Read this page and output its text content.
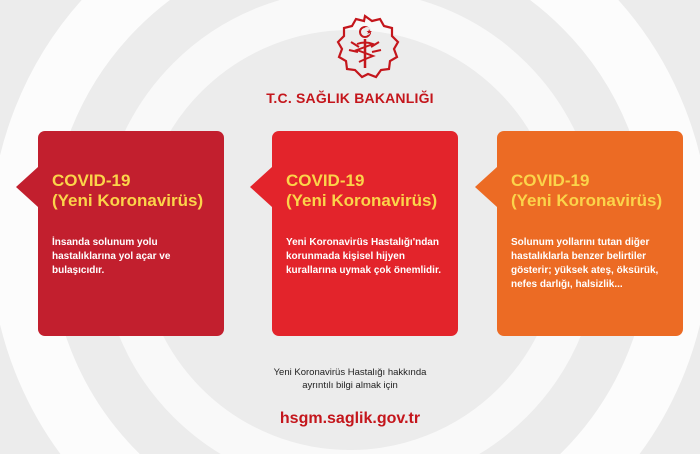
T.C. SAĞLIK BAKANLIĞI
COVID-19
(Yeni Koronavirüs)
İnsanda solunum yolu hastalıklarına yol açar ve bulaşıcıdır.
COVID-19
(Yeni Koronavirüs)
Yeni Koronavirüs Hastalığı'ndan korunmada kişisel hijyen kurallarına uymak çok önemlidir.
COVID-19
(Yeni Koronavirüs)
Solunum yollarını tutan diğer hastalıklarla benzer belirtiler gösterir; yüksek ateş, öksürük, nefes darlığı, halsizlik...
Yeni Koronavirüs Hastalığı hakkında
ayrıntılı bilgi almak için
hsgm.saglik.gov.tr
